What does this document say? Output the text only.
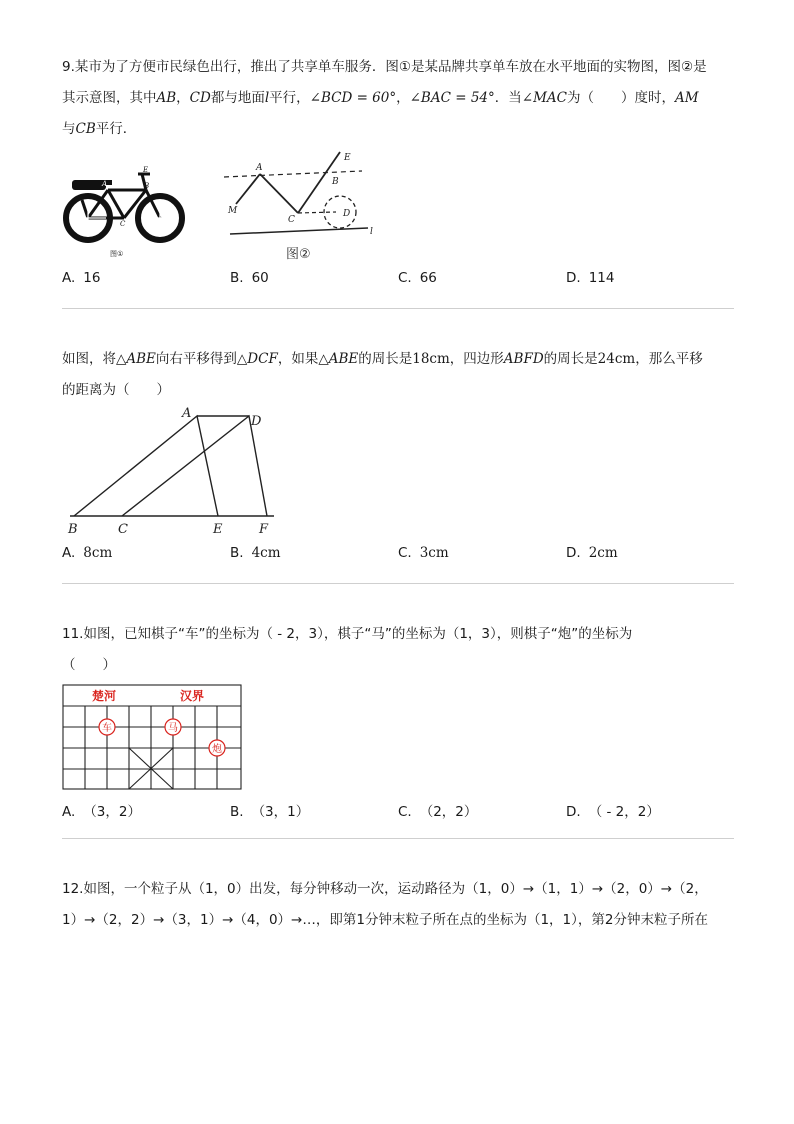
9.某市为了方便市民绿色出行，推出了共享单车服务．图①是某品牌共享单车放在水平地面的实物图，图②是
其示意图，其中AB，CD都与地面l平行，∠BCD = 60°，∠BAC = 54°．当∠MAC为（　　）度时，AM
与CB平行．
E
A	B
M	C	D
图①
A
B
C
D
E
M
l
图②
A. 16	B. 60	C. 66	D. 114
如图，将△ABE向右平移得到△DCF，如果△ABE的周长是18cm，四边形ABFD的周长是24cm，那么平移
的距离为（　　）
A
D
B	C	E	F
A. 8cm	B. 4cm	C. 3cm	D. 2cm
11.如图，已知棋子“车”的坐标为（ - 2，3），棋子“马”的坐标为（1，3），则棋子“炮”的坐标为
（　　）
楚河	汉界
车	马
炮
A. （3，2）	B. （3，1）	C. （2，2）	D. （ - 2，2）
12.如图，一个粒子从（1，0）出发，每分钟移动一次，运动路径为（1，0）→（1，1）→（2，0）→（2，
1）→（2，2）→（3，1）→（4，0）→…，即第1分钟末粒子所在点的坐标为（1，1），第2分钟末粒子所在
